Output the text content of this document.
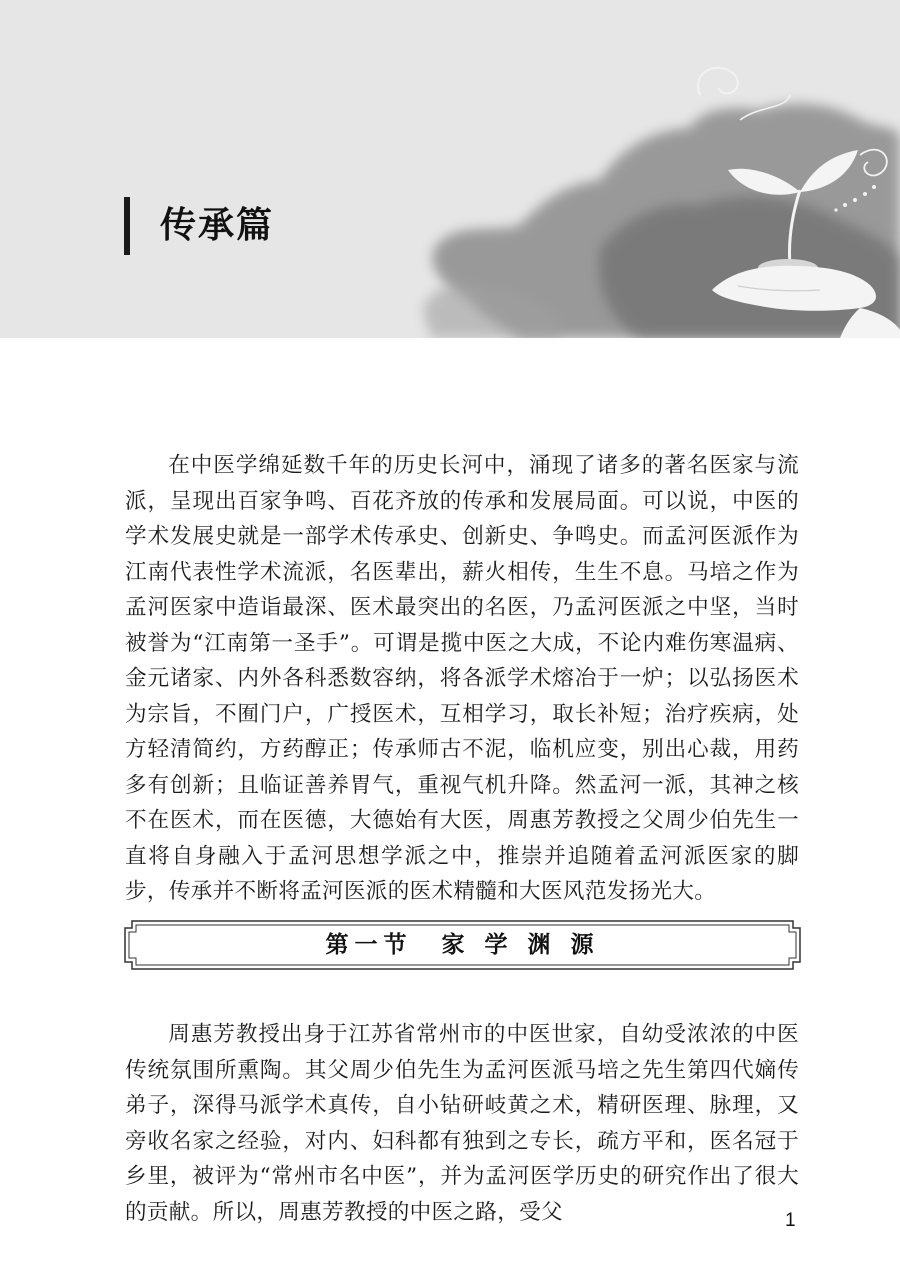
传承篇

在中医学绵延数千年的历史长河中，涌现了诸多的著名医家与流派，呈现出百家争鸣、百花齐放的传承和发展局面。可以说，中医的学术发展史就是一部学术传承史、创新史、争鸣史。而孟河医派作为江南代表性学术流派，名医辈出，薪火相传，生生不息。马培之作为孟河医家中造诣最深、医术最突出的名医，乃孟河医派之中坚，当时被誉为“江南第一圣手”。可谓是揽中医之大成，不论内难伤寒温病、金元诸家、内外各科悉数容纳，将各派学术熔冶于一炉；以弘扬医术为宗旨，不囿门户，广授医术，互相学习，取长补短；治疗疾病，处方轻清简约，方药醇正；传承师古不泥，临机应变，别出心裁，用药多有创新；且临证善养胃气，重视气机升降。然孟河一派，其神之核不在医术，而在医德，大德始有大医，周惠芳教授之父周少伯先生一直将自身融入于孟河思想学派之中，推崇并追随着孟河派医家的脚步，传承并不断将孟河医派的医术精髓和大医风范发扬光大。

第一节　家 学 渊 源

周惠芳教授出身于江苏省常州市的中医世家，自幼受浓浓的中医传统氛围所熏陶。其父周少伯先生为孟河医派马培之先生第四代嫡传弟子，深得马派学术真传，自小钻研岐黄之术，精研医理、脉理，又旁收名家之经验，对内、妇科都有独到之专长，疏方平和，医名冠于乡里，被评为“常州市名中医”，并为孟河医学历史的研究作出了很大的贡献。所以，周惠芳教授的中医之路，受父	1
